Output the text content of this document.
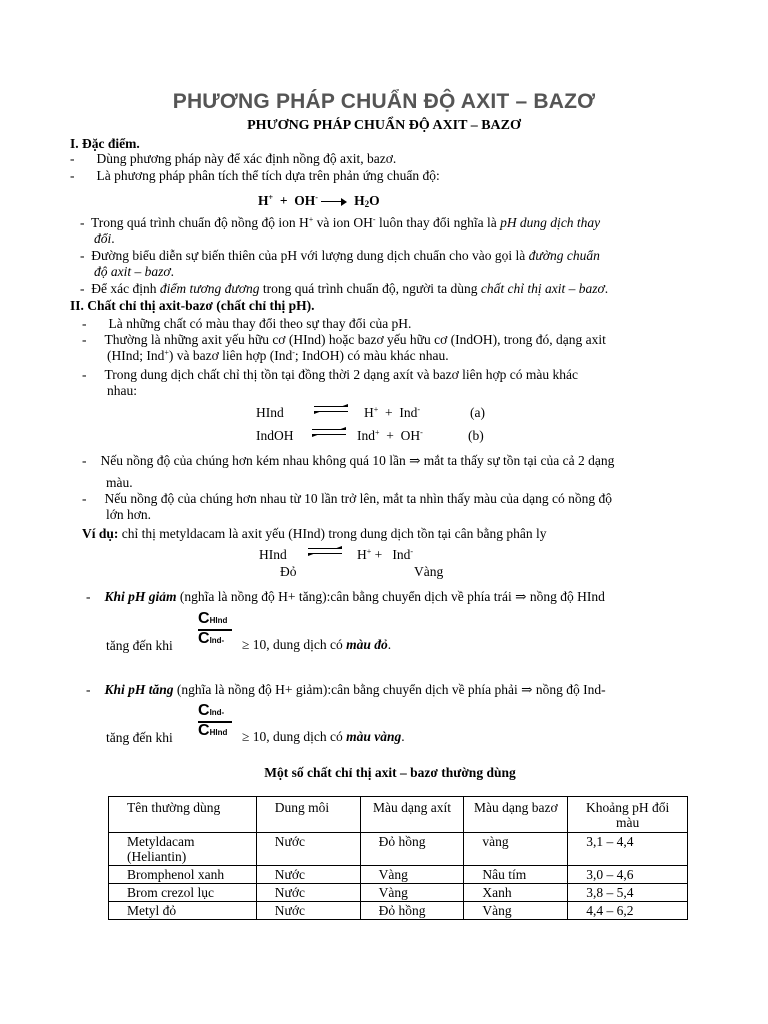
PHƯƠNG PHÁP CHUẨN ĐỘ AXIT – BAZƠ
PHƯƠNG PHÁP CHUẨN ĐỘ AXIT – BAZƠ
I. Đặc điểm.
- Dùng phương pháp này để xác định nồng độ axit, bazơ.
- Là phương pháp phân tích thể tích dựa trên phản ứng chuẩn độ:
H+  +  OH-	$H_2O$
-  Trong quá trình chuẩn độ nồng độ ion H+ và ion OH- luôn thay đổi nghĩa là pH dung dịch thay
đổi.
-  Đường biểu diễn sự biến thiên của pH với lượng dung dịch chuẩn cho vào gọi là đường chuẩn
độ axit – bazơ.
-  Để xác định điểm tương đương trong quá trình chuẩn độ, người ta dùng chất chỉ thị axit – bazơ.
II. Chất chỉ thị axit-bazơ (chất chỉ thị pH).
- Là những chất có màu thay đổi theo sự thay đổi của pH.
- Thường là những axit yếu hữu cơ (HInd) hoặc bazơ yếu hữu cơ (IndOH), trong đó, dạng axit
(HInd; Ind+) và bazơ liên hợp (Ind-; IndOH) có màu khác nhau.
- Trong dung dịch chất chỉ thị tồn tại đồng thời 2 dạng axít và bazơ liên hợp có màu khác
nhau:
HInd	H+ + Ind-	(a)
IndOH	Ind+ + OH-	(b)
- Nếu nồng độ của chúng hơn kém nhau không quá 10 lần ⇒ mắt ta thấy sự tồn tại của cả 2 dạng
màu.
- Nếu nồng độ của chúng hơn nhau từ 10 lần trở lên, mắt ta nhìn thấy màu của dạng có nồng độ
lớn hơn.
Ví dụ: chỉ thị metyldacam là axit yếu (HInd) trong dung dịch tồn tại cân bằng phân ly
HInd	H+ + Ind-
Đỏ	Vàng
- Khi pH giảm (nghĩa là nồng độ H+ tăng):cân bằng chuyển dịch về phía trái ⇒ nồng độ HInd
tăng đến khi
CHInd
CInd-	≥ 10, dung dịch có màu đỏ.
- Khi pH tăng (nghĩa là nồng độ H+ giảm):cân bằng chuyển dịch về phía phải ⇒ nồng độ Ind-
tăng đến khi
CInd-
CHInd	≥ 10, dung dịch có màu vàng.
Một số chất chỉ thị axit – bazơ thường dùng
Tên thường dùng	Dung môi	Màu dạng axít	Màu dạng bazơ	Khoảng pH đổi màu
Metyldacam (Heliantin)	Nước	Đỏ hồng	vàng	3,1 – 4,4
Bromphenol xanh	Nước	Vàng	Nâu tím	3,0 – 4,6
Brom crezol lục	Nước	Vàng	Xanh	3,8 – 5,4
Metyl đỏ	Nước	Đỏ hồng	Vàng	4,4 – 6,2
